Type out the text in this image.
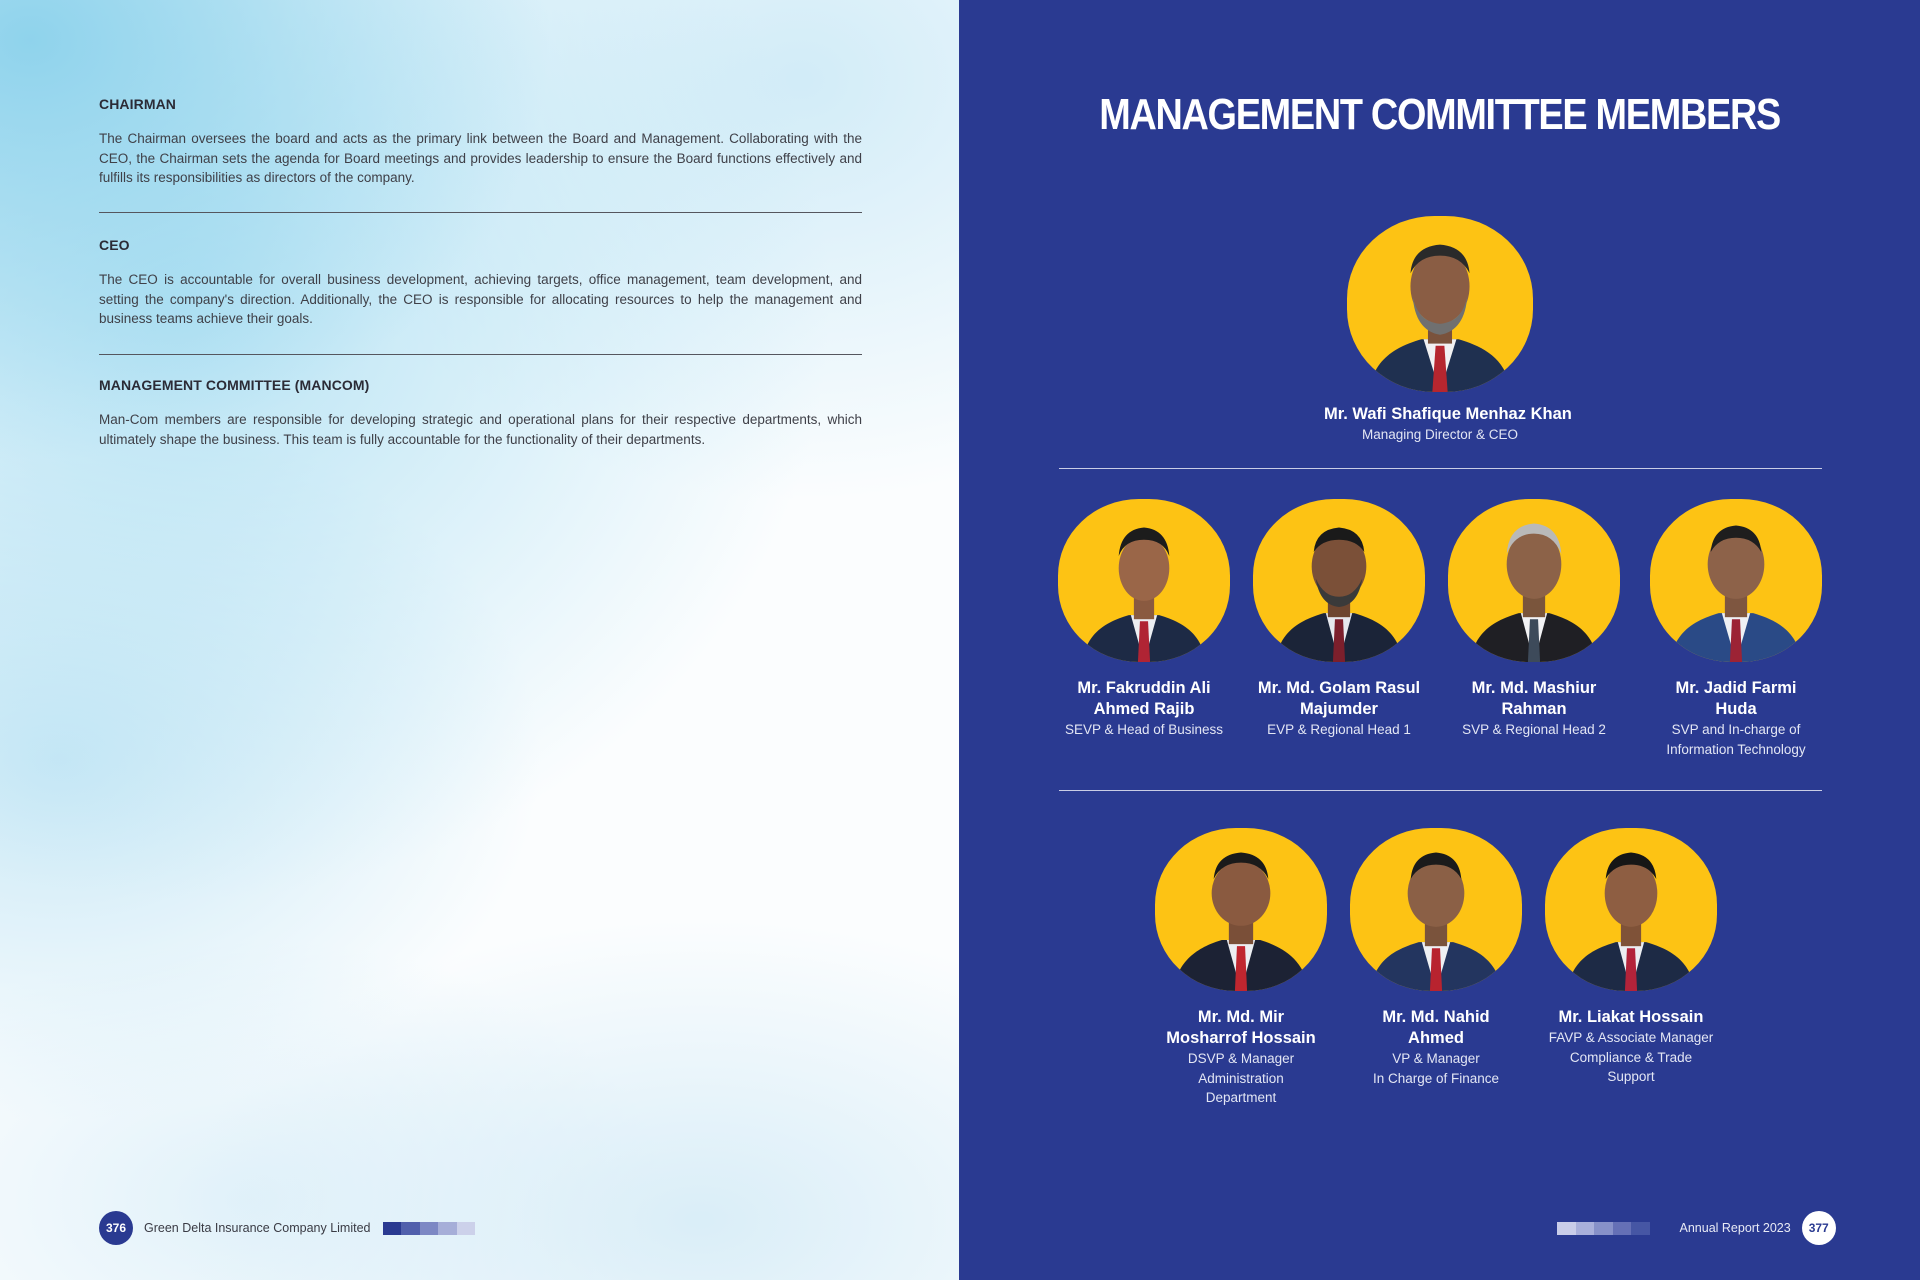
CHAIRMAN

The Chairman oversees the board and acts as the primary link between the Board and Management. Collaborating with the CEO, the Chairman sets the agenda for Board meetings and provides leadership to ensure the Board functions effectively and fulfills its responsibilities as directors of the company.

CEO

The CEO is accountable for overall business development, achieving targets, office management, team development, and setting the company's direction. Additionally, the CEO is responsible for allocating resources to help the management and business teams achieve their goals.

MANAGEMENT COMMITTEE (MANCOM)

Man-Com members are responsible for developing strategic and operational plans for their respective departments, which ultimately shape the business. This team is fully accountable for the functionality of their departments.

376	Green Delta Insurance Company Limited
MANAGEMENT COMMITTEE MEMBERS
Mr. Wafi Shafique Menhaz Khan
Managing Director & CEO
Mr. Fakruddin Ali
Ahmed Rajib
SEVP & Head of Business
Mr. Md. Golam Rasul
Majumder
EVP & Regional Head 1
Mr. Md. Mashiur
Rahman
SVP & Regional Head 2
Mr. Jadid Farmi
Huda
SVP and In-charge of
Information Technology
Mr. Md. Mir
Mosharrof Hossain
DSVP & Manager
Administration
Department
Mr. Md. Nahid
Ahmed
VP & Manager
In Charge of Finance
Mr. Liakat Hossain
FAVP & Associate Manager
Compliance & Trade
Support
Annual Report 2023	377
